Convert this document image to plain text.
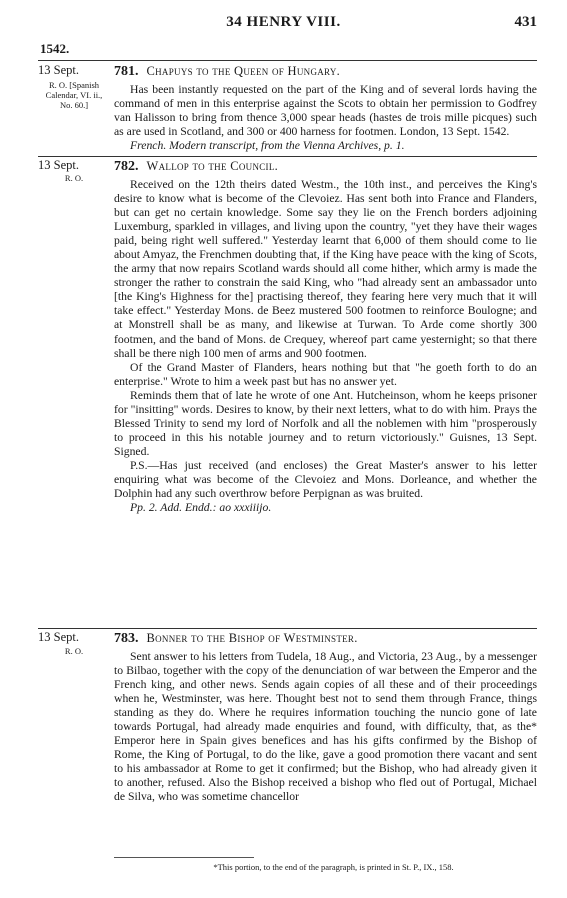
34 HENRY VIII.	431
1542.
13 Sept.
R. O. [Spanish Calendar, VI. ii., No. 60.]
781. Chapuys to the Queen of Hungary.

Has been instantly requested on the part of the King and of several lords having the command of men in this enterprise against the Scots to obtain her permission to Godfrey van Halisson to bring from thence 3,000 spear heads (hastes de trois mille picques) such as are used in Scotland, and 300 or 400 harness for footmen. London, 13 Sept. 1542.

French. Modern transcript, from the Vienna Archives, p. 1.

13 Sept.
R. O.
782. Wallop to the Council.

Received on the 12th theirs dated Westm., the 10th inst., and perceives the King's desire to know what is become of the Clevoiez. Has sent both into France and Flanders, but can get no certain knowledge. Some say they lie on the French borders adjoining Luxemburg, sparkled in villages, and living upon the country, "yet they have their wages paid, being right well suffered." Yesterday learnt that 6,000 of them should come to lie about Amyaz, the Frenchmen doubting that, if the King have peace with the king of Scots, the army that now repairs Scotland wards should all come hither, which army is made the stronger the rather to constrain the said King, who "had already sent an ambassador unto [the King's Highness for the] practising thereof, they fearing here very much that it will take effect." Yesterday Mons. de Beez mustered 500 footmen to reinforce Boulogne; and at Monstrell shall be as many, and likewise at Turwan. To Arde come shortly 300 footmen, and the band of Mons. de Crequey, whereof part came yesternight; so that there shall be there nigh 100 men of arms and 900 footmen.

Of the Grand Master of Flanders, hears nothing but that "he goeth forth to do an enterprise." Wrote to him a week past but has no answer yet.

Reminds them that of late he wrote of one Ant. Hutcheinson, whom he keeps prisoner for "insitting" words. Desires to know, by their next letters, what to do with him. Prays the Blessed Trinity to send my lord of Norfolk and all the noblemen with him "prosperously to proceed in this his notable journey and to return victoriously." Guisnes, 13 Sept. Signed.

P.S.—Has just received (and encloses) the Great Master's answer to his letter enquiring what was become of the Clevoiez and Mons. Dorleance, and whether the Dolphin had any such overthrow before Perpignan as was bruited.

Pp. 2. Add. Endd.: ao xxxiiijo.

13 Sept.
R. O.
783. Bonner to the Bishop of Westminster.

Sent answer to his letters from Tudela, 18 Aug., and Victoria, 23 Aug., by a messenger to Bilbao, together with the copy of the denunciation of war between the Emperor and the French king, and other news. Sends again copies of all these and of their proceedings when he, Westminster, was here. Thought best not to send them through France, things standing as they do. Where he requires information touching the nuncio gone of late towards Portugal, had already made enquiries and found, with difficulty, that, as the* Emperor here in Spain gives benefices and has his gifts confirmed by the Bishop of Rome, the King of Portugal, to do the like, gave a good promotion there vacant and sent to his ambassador at Rome to get it confirmed; but the Bishop, who had already given it to another, refused. Also the Bishop received a bishop who fled out of Portugal, Michael de Silva, who was sometime chancellor

*This portion, to the end of the paragraph, is printed in St. P., IX., 158.
